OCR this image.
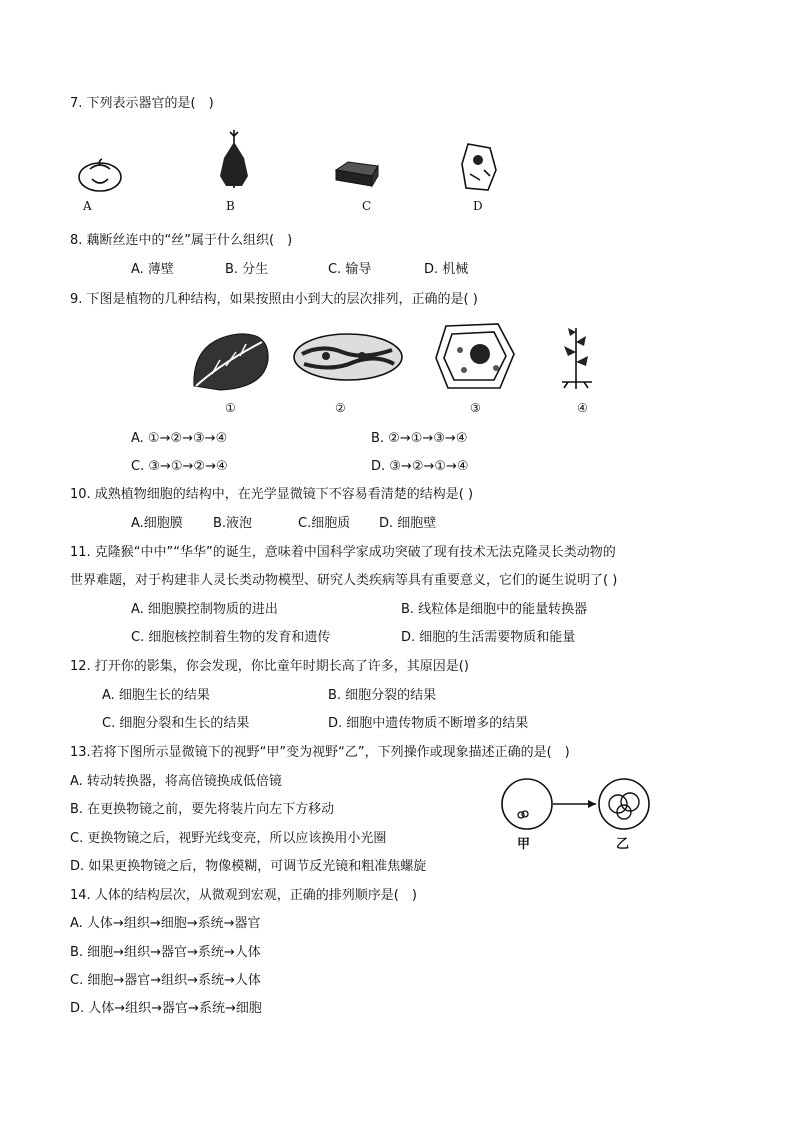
7. 下列表示器官的是(　)
A	B	C	D
8. 藕断丝连中的“丝”属于什么组织(　)
A. 薄壁	B. 分生	C. 输导	D. 机械
9. 下图是植物的几种结构，如果按照由小到大的层次排列，正确的是( )
①	②	③	④
A. ①→②→③→④	B. ②→①→③→④
C. ③→①→②→④	D. ③→②→①→④
10. 成熟植物细胞的结构中，在光学显微镜下不容易看清楚的结构是( )
A.细胞膜 B.液泡	C.细胞质 D. 细胞壁
11. 克隆猴“中中”“华华”的诞生，意味着中国科学家成功突破了现有技术无法克隆灵长类动物的
世界难题，对于构建非人灵长类动物模型、研究人类疾病等具有重要意义，它们的诞生说明了( )
A. 细胞膜控制物质的进出	B. 线粒体是细胞中的能量转换器
C. 细胞核控制着生物的发育和遗传	D. 细胞的生活需要物质和能量
12. 打开你的影集，你会发现，你比童年时期长高了许多，其原因是()
A. 细胞生长的结果	B. 细胞分裂的结果
C. 细胞分裂和生长的结果	D. 细胞中遗传物质不断增多的结果
13.若将下图所示显微镜下的视野“甲”变为视野“乙”，下列操作或现象描述正确的是(　)
A. 转动转换器，将高倍镜换成低倍镜
B. 在更换物镜之前，要先将装片向左下方移动
C. 更换物镜之后，视野光线变亮，所以应该换用小光圈
D. 如果更换物镜之后，物像模糊，可调节反光镜和粗准焦螺旋
甲	乙
14. 人体的结构层次，从微观到宏观，正确的排列顺序是(　)
A. 人体→组织→细胞→系统→器官
B. 细胞→组织→器官→系统→人体
C. 细胞→器官→组织→系统→人体
D. 人体→组织→器官→系统→细胞
